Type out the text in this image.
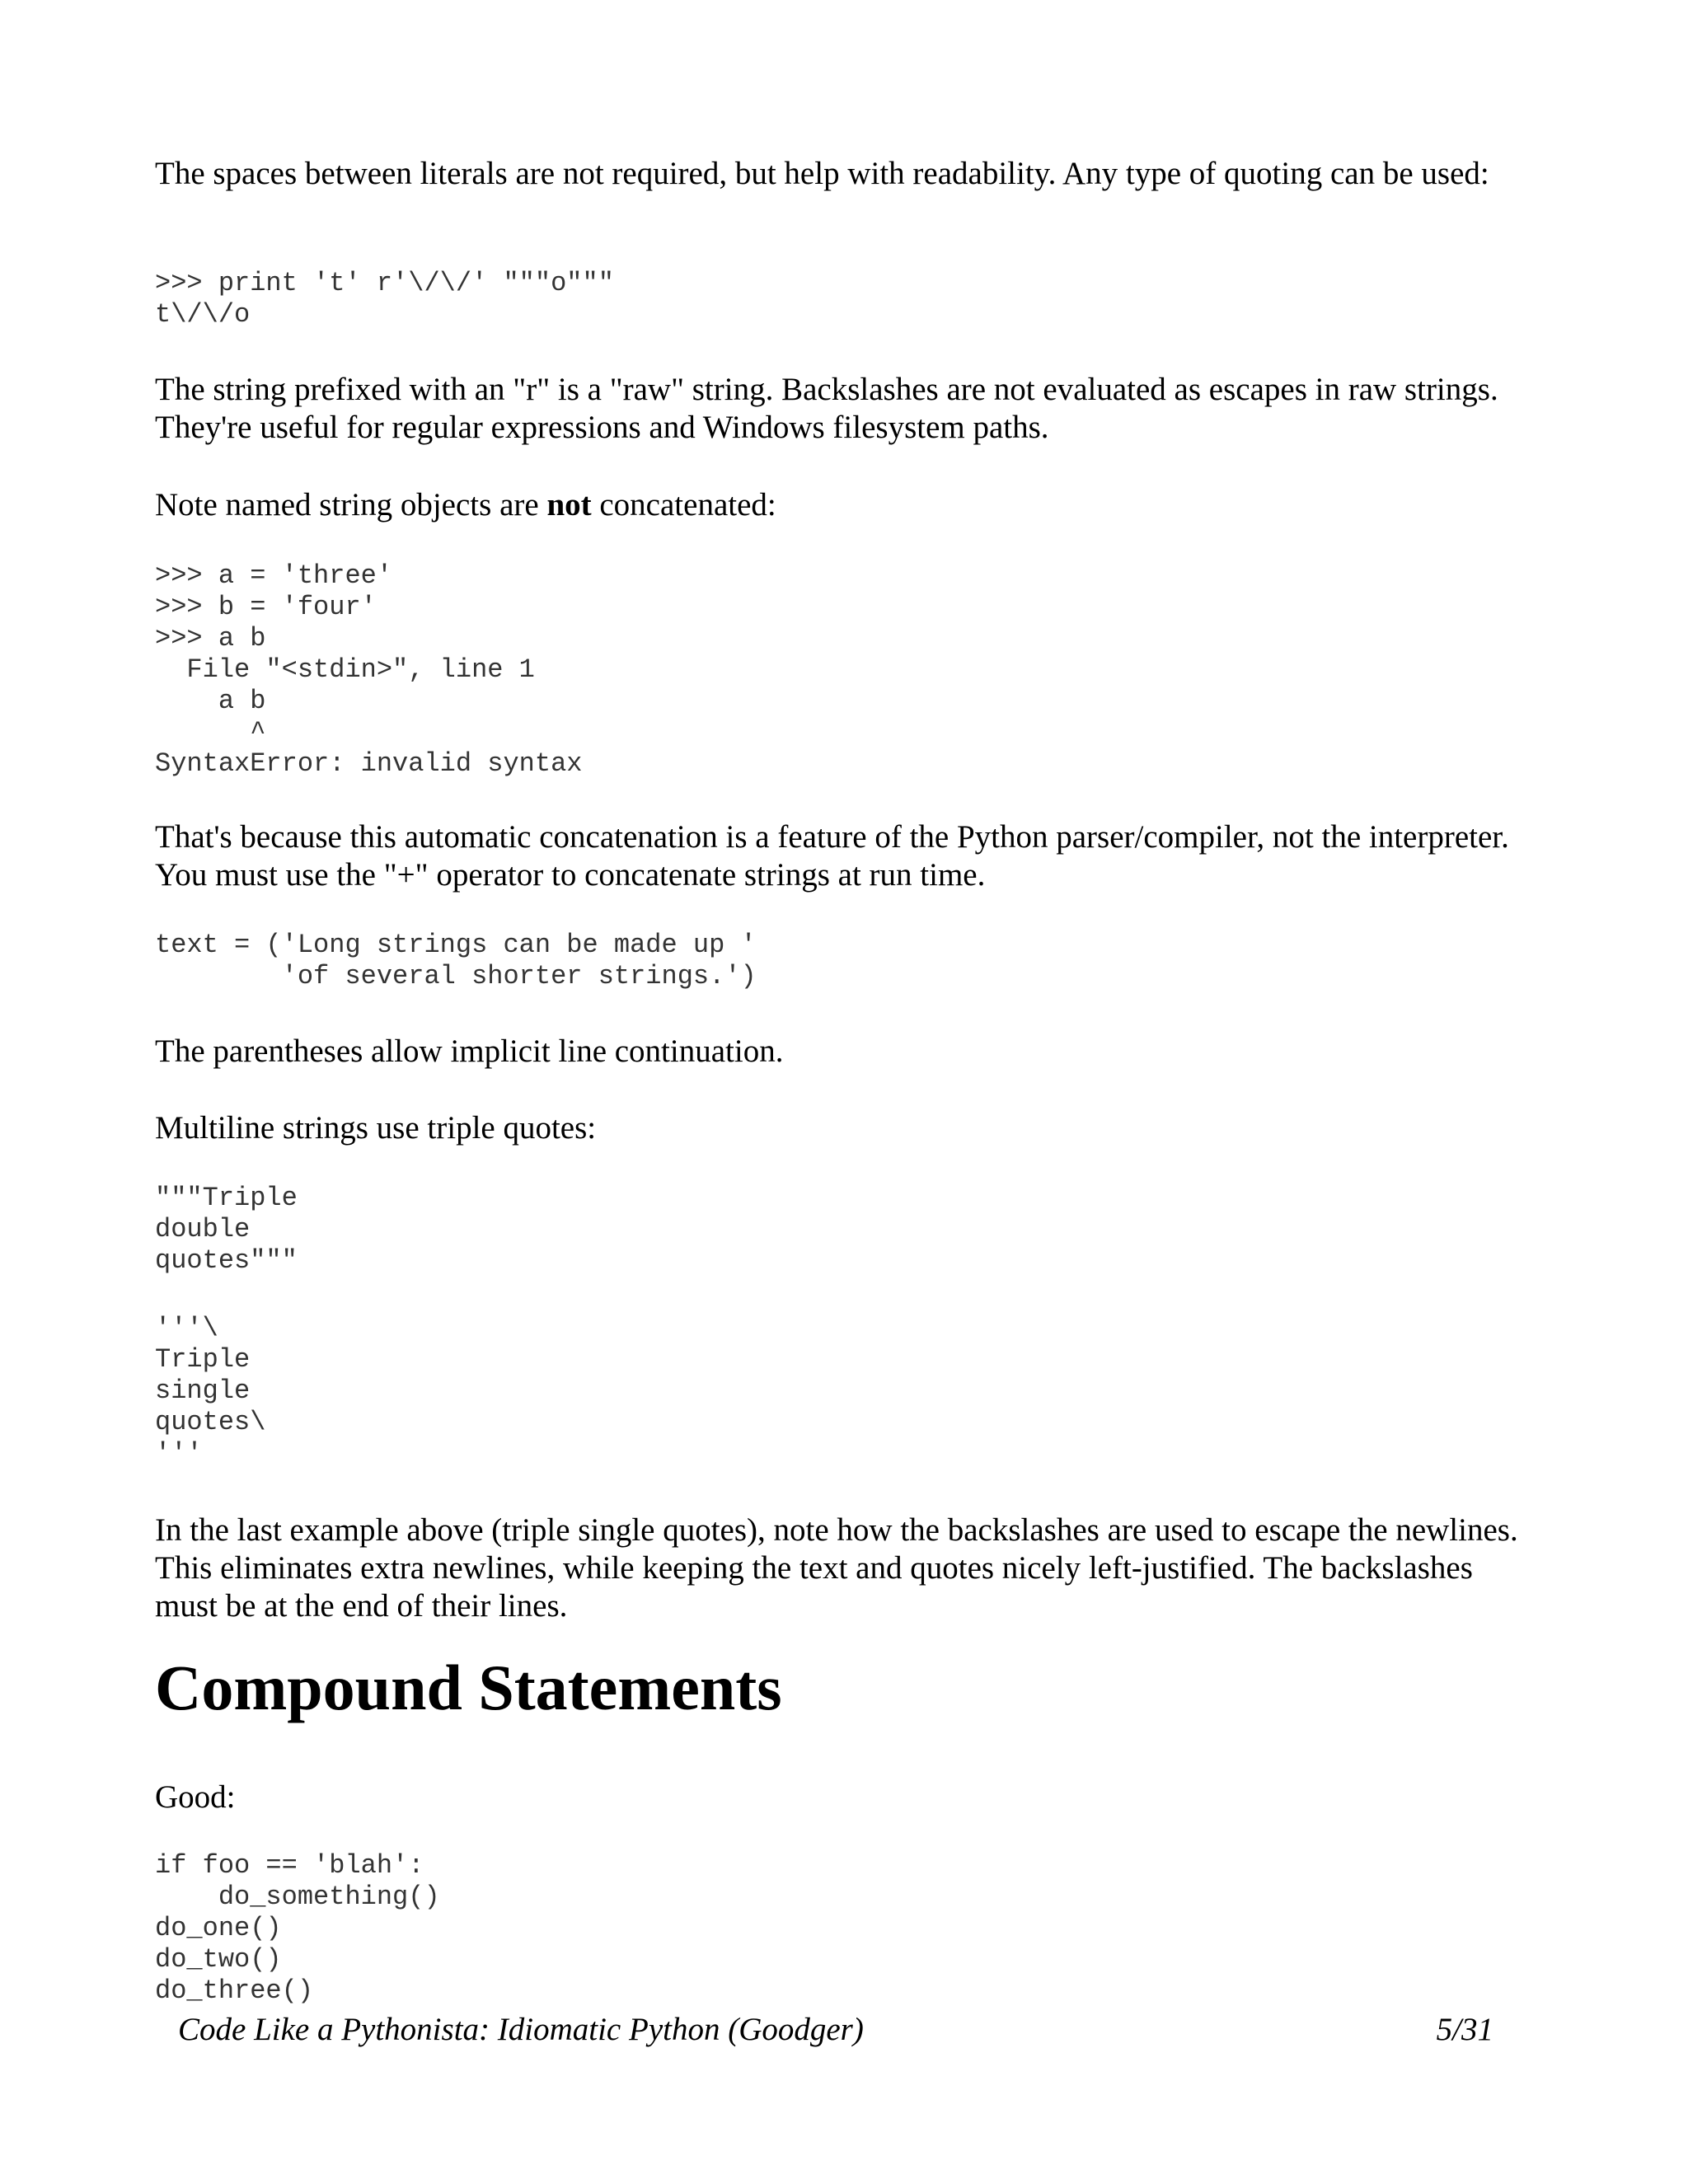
The spaces between literals are not required, but help with readability. Any type of quoting can be used:

>>> print 't' r'\/\/' """o"""
t\/\/o

The string prefixed with an "r" is a "raw" string. Backslashes are not evaluated as escapes in raw strings. They're useful for regular expressions and Windows filesystem paths.

Note named string objects are not concatenated:

>>> a = 'three'
>>> b = 'four'
>>> a b
File "<stdin>", line 1
a b
^
SyntaxError: invalid syntax

That's because this automatic concatenation is a feature of the Python parser/compiler, not the interpreter. You must use the "+" operator to concatenate strings at run time.

text = ('Long strings can be made up '
'of several shorter strings.')

The parentheses allow implicit line continuation.

Multiline strings use triple quotes:

"""Triple
double
quotes"""
'''\
Triple
single
quotes\
'''

In the last example above (triple single quotes), note how the backslashes are used to escape the newlines. This eliminates extra newlines, while keeping the text and quotes nicely left-justified. The backslashes must be at the end of their lines.

Compound Statements

Good:

if foo == 'blah':
do_something()
do_one()
do_two()
do_three()
Code Like a Pythonista: Idiomatic Python (Goodger)	5/31
